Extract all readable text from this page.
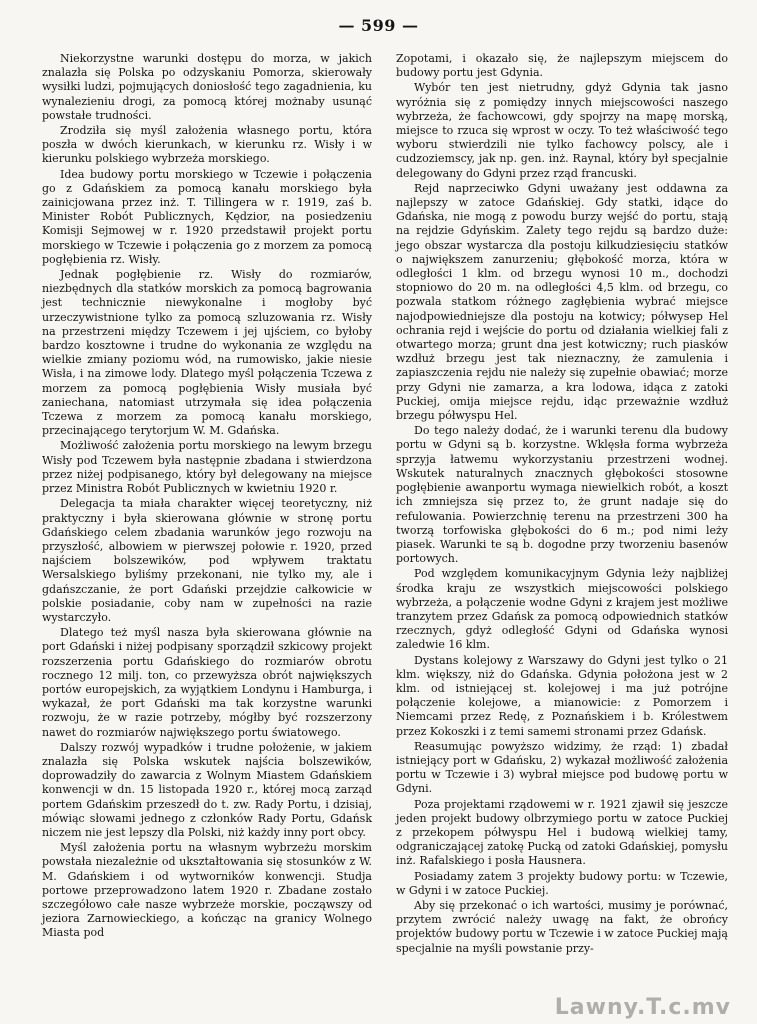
— 599 —

Niekorzystne warunki dostępu do morza, w jakich znalazła się Polska po odzyskaniu Pomorza, skierowały wysiłki ludzi, pojmujących doniosłość tego zagadnienia, ku wynalezieniu drogi, za pomocą której możnaby usunąć powstałe trudności.

Zrodziła się myśl założenia własnego portu, która poszła w dwóch kierunkach, w kierunku rz. Wisły i w kierunku polskiego wybrzeża morskiego.

Idea budowy portu morskiego w Tczewie i połączenia go z Gdańskiem za pomocą kanału morskiego była zainicjowana przez inż. T. Tillingera w r. 1919, zaś b. Minister Robót Publicznych, Kędzior, na posiedzeniu Komisji Sejmowej w r. 1920 przedstawił projekt portu morskiego w Tczewie i połączenia go z morzem za pomocą pogłębienia rz. Wisły.

Jednak pogłębienie rz. Wisły do rozmiarów, niezbędnych dla statków morskich za pomocą bagrowania jest technicznie niewykonalne i mogłoby być urzeczywistnione tylko za pomocą szluzowania rz. Wisły na przestrzeni między Tczewem i jej ujściem, co byłoby bardzo kosztowne i trudne do wykonania ze względu na wielkie zmiany poziomu wód, na rumowisko, jakie niesie Wisła, i na zimowe lody. Dlatego myśl połączenia Tczewa z morzem za pomocą pogłębienia Wisły musiała być zaniechana, natomiast utrzymała się idea połączenia Tczewa z morzem za pomocą kanału morskiego, przecinającego terytorjum W. M. Gdańska.

Możliwość założenia portu morskiego na lewym brzegu Wisły pod Tczewem była następnie zbadana i stwierdzona przez niżej podpisanego, który był delegowany na miejsce przez Ministra Robót Publicznych w kwietniu 1920 r.

Delegacja ta miała charakter więcej teoretyczny, niż praktyczny i była skierowana głównie w stronę portu Gdańskiego celem zbadania warunków jego rozwoju na przyszłość, albowiem w pierwszej połowie r. 1920, przed najściem bolszewików, pod wpływem traktatu Wersalskiego byliśmy przekonani, nie tylko my, ale i gdańszczanie, że port Gdański przejdzie całkowicie w polskie posiadanie, coby nam w zupełności na razie wystarczyło.

Dlatego też myśl nasza była skierowana głównie na port Gdański i niżej podpisany sporządził szkicowy projekt rozszerzenia portu Gdańskiego do rozmiarów obrotu rocznego 12 milj. ton, co przewyższa obrót największych portów europejskich, za wyjątkiem Londynu i Hamburga, i wykazał, że port Gdański ma tak korzystne warunki rozwoju, że w razie potrzeby, mógłby być rozszerzony nawet do rozmiarów największego portu światowego.

Dalszy rozwój wypadków i trudne położenie, w jakiem znalazła się Polska wskutek najścia bolszewików, doprowadziły do zawarcia z Wolnym Miastem Gdańskiem konwencji w dn. 15 listopada 1920 r., której mocą zarząd portem Gdańskim przeszedł do t. zw. Rady Portu, i dzisiaj, mówiąc słowami jednego z członków Rady Portu, Gdańsk niczem nie jest lepszy dla Polski, niż każdy inny port obcy.

Myśl założenia portu na własnym wybrzeżu morskim powstała niezależnie od ukształtowania się stosunków z W. M. Gdańskiem i od wytworników konwencji. Studja portowe przeprowadzono latem 1920 r. Zbadane zostało szczegółowo całe nasze wybrzeże morskie, począwszy od jeziora Zarnowieckiego, a kończąc na granicy Wolnego Miasta pod

Zopotami, i okazało się, że najlepszym miejscem do budowy portu jest Gdynia.

Wybór ten jest nietrudny, gdyż Gdynia tak jasno wyróżnia się z pomiędzy innych miejscowości naszego wybrzeża, że fachowcowi, gdy spojrzy na mapę morską, miejsce to rzuca się wprost w oczy. To też właściwość tego wyboru stwierdzili nie tylko fachowcy polscy, ale i cudzoziemscy, jak np. gen. inż. Raynal, który był specjalnie delegowany do Gdyni przez rząd francuski.

Rejd naprzeciwko Gdyni uważany jest oddawna za najlepszy w zatoce Gdańskiej. Gdy statki, idące do Gdańska, nie mogą z powodu burzy wejść do portu, stają na rejdzie Gdyńskim. Zalety tego rejdu są bardzo duże: jego obszar wystarcza dla postoju kilkudziesięciu statków o największem zanurzeniu; głębokość morza, która w odległości 1 klm. od brzegu wynosi 10 m., dochodzi stopniowo do 20 m. na odległości 4,5 klm. od brzegu, co pozwala statkom różnego zagłębienia wybrać miejsce najodpowiedniejsze dla postoju na kotwicy; półwysep Hel ochrania rejd i wejście do portu od działania wielkiej fali z otwartego morza; grunt dna jest kotwiczny; ruch piasków wzdłuż brzegu jest tak nieznaczny, że zamulenia i zapiaszczenia rejdu nie należy się zupełnie obawiać; morze przy Gdyni nie zamarza, a kra lodowa, idąca z zatoki Puckiej, omija miejsce rejdu, idąc przeważnie wzdłuż brzegu półwyspu Hel.

Do tego należy dodać, że i warunki terenu dla budowy portu w Gdyni są b. korzystne. Wklęsła forma wybrzeża sprzyja łatwemu wykorzystaniu przestrzeni wodnej. Wskutek naturalnych znacznych głębokości stosowne pogłębienie awanportu wymaga niewielkich robót, a koszt ich zmniejsza się przez to, że grunt nadaje się do refulowania. Powierzchnię terenu na przestrzeni 300 ha tworzą torfowiska głębokości do 6 m.; pod nimi leży piasek. Warunki te są b. dogodne przy tworzeniu basenów portowych.

Pod względem komunikacyjnym Gdynia leży najbliżej środka kraju ze wszystkich miejscowości polskiego wybrzeża, a połączenie wodne Gdyni z krajem jest możliwe tranzytem przez Gdańsk za pomocą odpowiednich statków rzecznych, gdyż odległość Gdyni od Gdańska wynosi zaledwie 16 klm.

Dystans kolejowy z Warszawy do Gdyni jest tylko o 21 klm. większy, niż do Gdańska. Gdynia położona jest w 2 klm. od istniejącej st. kolejowej i ma już potrójne połączenie kolejowe, a mianowicie: z Pomorzem i Niemcami przez Redę, z Poznańskiem i b. Królestwem przez Kokoszki i z temi samemi stronami przez Gdańsk.

Reasumując powyższo widzimy, że rząd: 1) zbadał istniejący port w Gdańsku, 2) wykazał możliwość założenia portu w Tczewie i 3) wybrał miejsce pod budowę portu w Gdyni.

Poza projektami rządowemi w r. 1921 zjawił się jeszcze jeden projekt budowy olbrzymiego portu w zatoce Puckiej z przekopem półwyspu Hel i budową wielkiej tamy, odgraniczającej zatokę Pucką od zatoki Gdańskiej, pomysłu inż. Rafalskiego i posła Hausnera.

Posiadamy zatem 3 projekty budowy portu: w Tczewie, w Gdyni i w zatoce Puckiej.

Aby się przekonać o ich wartości, musimy je porównać, przytem zwrócić należy uwagę na fakt, że obrońcy projektów budowy portu w Tczewie i w zatoce Puckiej mają specjalnie na myśli powstanie przy-

Lawny.T.c.mv
